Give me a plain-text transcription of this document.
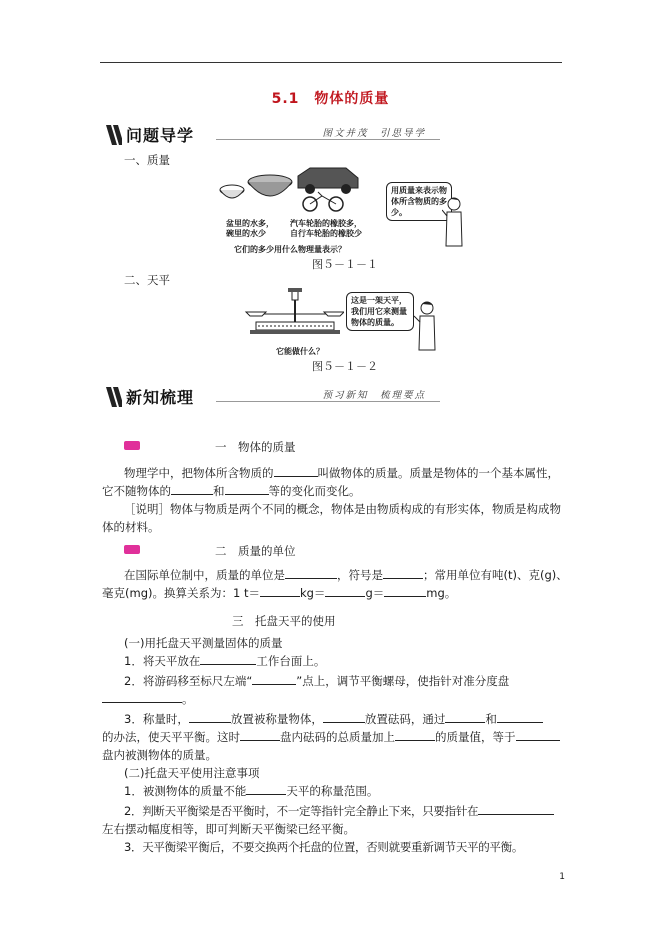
5.1　物体的质量
问题导学	图文并茂　引思导学
一、质量
盆里的水多，碗里的水少
汽车轮胎的橡胶多，自行车轮胎的橡胶少
它们的多少用什么物理量表示？
用质量来表示物体所含物质的多少。
图５－１－１
二、天平
这是一架天平，我们用它来测量物体的质量。
它能做什么？
图５－１－２
新知梳理	预习新知　梳理要点
一　物体的质量
物理学中，把物体所含物质的	叫做物体的质量。质量是物体的一个基本属性，
它不随物体的	和	等的变化而变化。
［说明］物体与物质是两个不同的概念，物体是由物质构成的有形实体，物质是构成物
体的材料。
二　质量的单位
在国际单位制中，质量的单位是	，符号是	；常用单位有吨(t)、克(g)、
毫克(mg)。换算关系为：1 t＝	kg＝	g＝	mg。
三　托盘天平的使用
(一)用托盘天平测量固体的质量
1．将天平放在	工作台面上。
2．将游码移至标尺左端“	”点上，调节平衡螺母，使指针对准分度盘
。
3．称量时，	放置被称量物体，	放置砝码，通过	和
的办法，使天平平衡。这时	盘内砝码的总质量加上	的质量值，等于
盘内被测物体的质量。
(二)托盘天平使用注意事项
1．被测物体的质量不能	天平的称量范围。
2．判断天平衡梁是否平衡时，不一定等指针完全静止下来，只要指针在
左右摆动幅度相等，即可判断天平衡梁已经平衡。
3．天平衡梁平衡后，不要交换两个托盘的位置，否则就要重新调节天平的平衡。
1
